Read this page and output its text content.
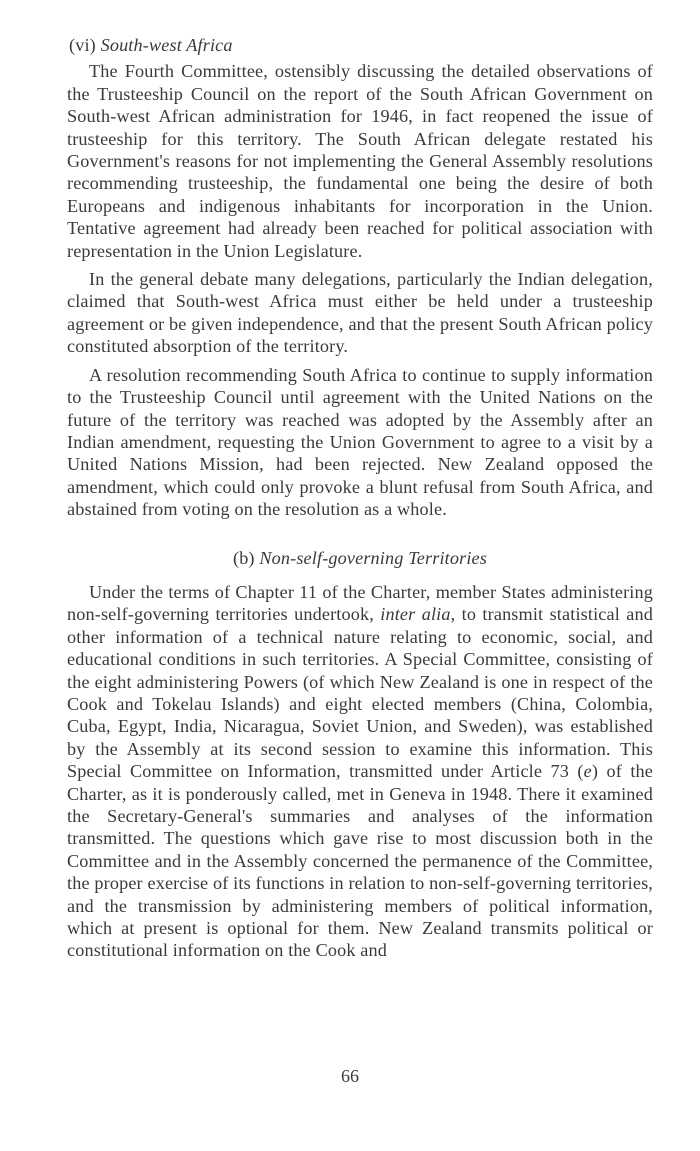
(vi) South-west Africa

The Fourth Committee, ostensibly discussing the detailed observations of the Trusteeship Council on the report of the South African Government on South-west African administration for 1946, in fact reopened the issue of trusteeship for this territory. The South African delegate restated his Government's reasons for not implementing the General Assembly resolutions recommending trusteeship, the fundamental one being the desire of both Europeans and indigenous inhabitants for incorporation in the Union. Tentative agreement had already been reached for political association with representation in the Union Legislature.

In the general debate many delegations, particularly the Indian delegation, claimed that South-west Africa must either be held under a trusteeship agreement or be given independence, and that the present South African policy constituted absorption of the territory.

A resolution recommending South Africa to continue to supply information to the Trusteeship Council until agreement with the United Nations on the future of the territory was reached was adopted by the Assembly after an Indian amendment, requesting the Union Government to agree to a visit by a United Nations Mission, had been rejected. New Zealand opposed the amendment, which could only provoke a blunt refusal from South Africa, and abstained from voting on the resolution as a whole.

(b) Non-self-governing Territories

Under the terms of Chapter 11 of the Charter, member States administering non-self-governing territories undertook, inter alia, to transmit statistical and other information of a technical nature relating to economic, social, and educational conditions in such territories. A Special Committee, consisting of the eight administering Powers (of which New Zealand is one in respect of the Cook and Tokelau Islands) and eight elected members (China, Colombia, Cuba, Egypt, India, Nicaragua, Soviet Union, and Sweden), was established by the Assembly at its second session to examine this information. This Special Committee on Information, transmitted under Article 73 (e) of the Charter, as it is ponderously called, met in Geneva in 1948. There it examined the Secretary-General's summaries and analyses of the information transmitted. The questions which gave rise to most discussion both in the Committee and in the Assembly concerned the permanence of the Committee, the proper exercise of its functions in relation to non-self-governing territories, and the transmission by administering members of political information, which at present is optional for them. New Zealand transmits political or constitutional information on the Cook and

66
